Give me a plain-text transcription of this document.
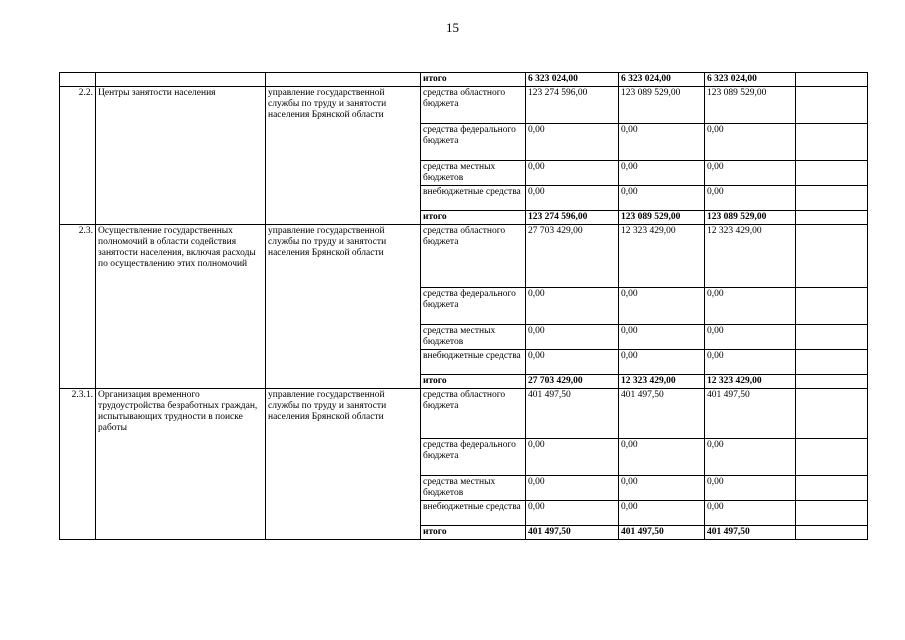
15
			итого	6 323 024,00	6 323 024,00	6 323 024,00	
2.2.	Центры занятости населения	управление государственной службы по труду и занятости населения Брянской области	средства областного бюджета	123 274 596,00	123 089 529,00	123 089 529,00	
			средства федерального бюджета	0,00	0,00	0,00	
			средства местных бюджетов	0,00	0,00	0,00	
			внебюджетные средства	0,00	0,00	0,00	
			итого	123 274 596,00	123 089 529,00	123 089 529,00	
2.3.	Осуществление государственных полномочий в области содействия занятости населения, включая расходы по осуществлению этих полномочий	управление государственной службы по труду и занятости населения Брянской области	средства областного бюджета	27 703 429,00	12 323 429,00	12 323 429,00	
			средства федерального бюджета	0,00	0,00	0,00	
			средства местных бюджетов	0,00	0,00	0,00	
			внебюджетные средства	0,00	0,00	0,00	
			итого	27 703 429,00	12 323 429,00	12 323 429,00	
2.3.1.	Организация временного трудоустройства безработных граждан, испытывающих трудности в поиске работы	управление государственной службы по труду и занятости населения Брянской области	средства областного бюджета	401 497,50	401 497,50	401 497,50	
			средства федерального бюджета	0,00	0,00	0,00	
			средства местных бюджетов	0,00	0,00	0,00	
			внебюджетные средства	0,00	0,00	0,00	
			итого	401 497,50	401 497,50	401 497,50	
